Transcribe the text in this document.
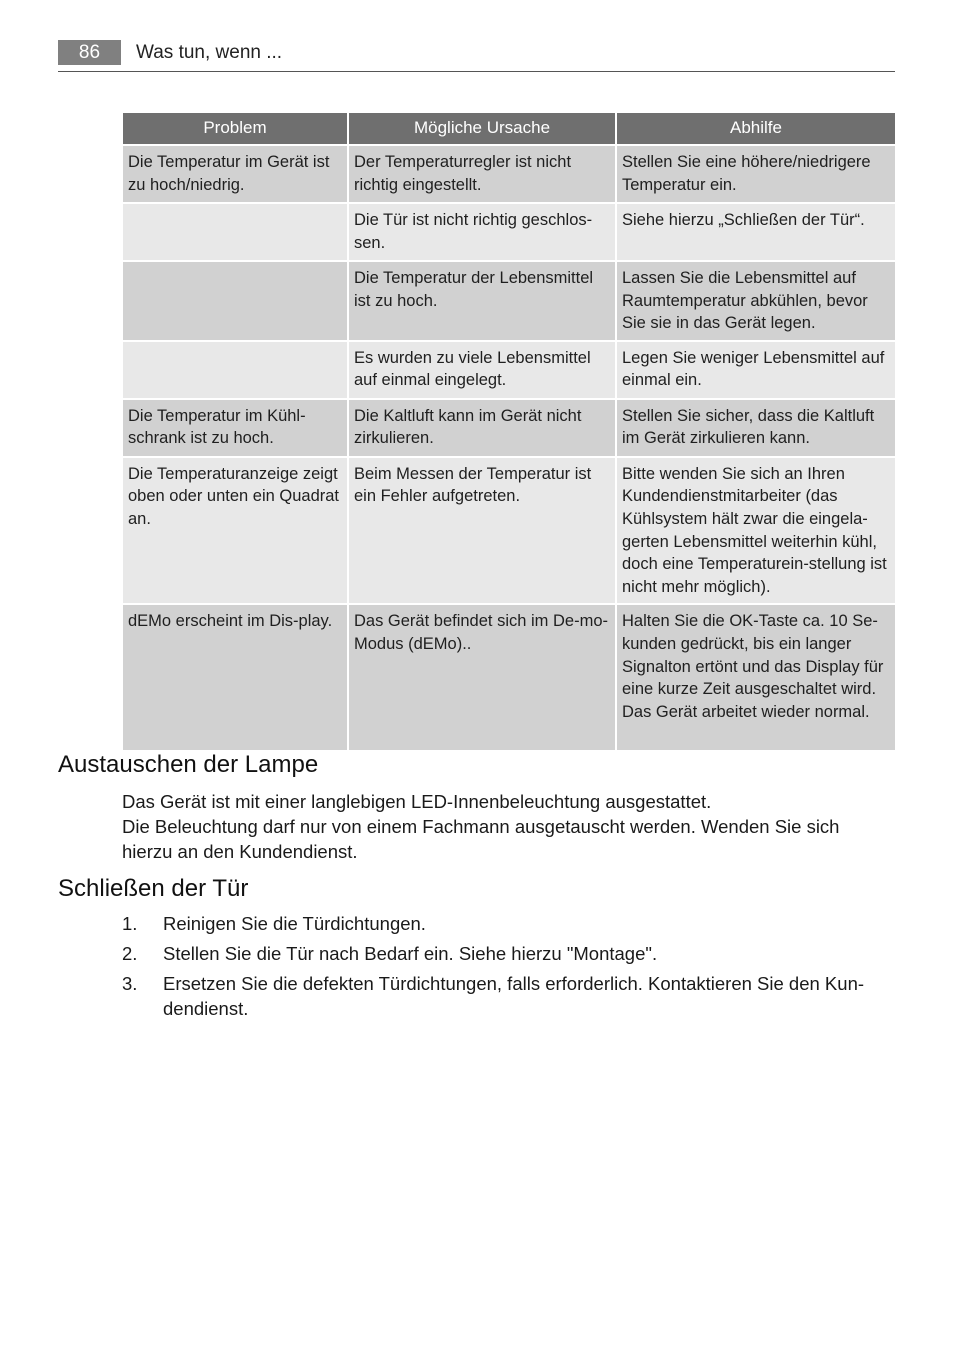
86	Was tun, wenn ...
Problem	Mögliche Ursache	Abhilfe
Die Temperatur im Gerät ist zu hoch/niedrig.	Der Temperaturregler ist nicht richtig eingestellt.	Stellen Sie eine höhere/niedrigere Temperatur ein.
	Die Tür ist nicht richtig geschlos-sen.	Siehe hierzu „Schließen der Tür“.
	Die Temperatur der Lebensmittel ist zu hoch.	Lassen Sie die Lebensmittel auf Raumtemperatur abkühlen, bevor Sie sie in das Gerät legen.
	Es wurden zu viele Lebensmittel auf einmal eingelegt.	Legen Sie weniger Lebensmittel auf einmal ein.
Die Temperatur im Kühl-schrank ist zu hoch.	Die Kaltluft kann im Gerät nicht zirkulieren.	Stellen Sie sicher, dass die Kaltluft im Gerät zirkulieren kann.
Die Temperaturanzeige zeigt oben oder unten ein Quadrat an.	Beim Messen der Temperatur ist ein Fehler aufgetreten.	Bitte wenden Sie sich an Ihren Kundendienstmitarbeiter (das Kühlsystem hält zwar die eingela-gerten Lebensmittel weiterhin kühl, doch eine Temperaturein-stellung ist nicht mehr möglich).
dEMo erscheint im Dis-play.	Das Gerät befindet sich im De-mo-Modus (dEMo)..	Halten Sie die OK-Taste ca. 10 Se-kunden gedrückt, bis ein langer Signalton ertönt und das Display für eine kurze Zeit ausgeschaltet wird. Das Gerät arbeitet wieder normal.
Austauschen der Lampe

Das Gerät ist mit einer langlebigen LED-Innenbeleuchtung ausgestattet.

Die Beleuchtung darf nur von einem Fachmann ausgetauscht werden. Wenden Sie sich hierzu an den Kundendienst.

Schließen der Tür
1. Reinigen Sie die Türdichtungen.
2. Stellen Sie die Tür nach Bedarf ein. Siehe hierzu "Montage".
3. Ersetzen Sie die defekten Türdichtungen, falls erforderlich. Kontaktieren Sie den Kun-dendienst.
